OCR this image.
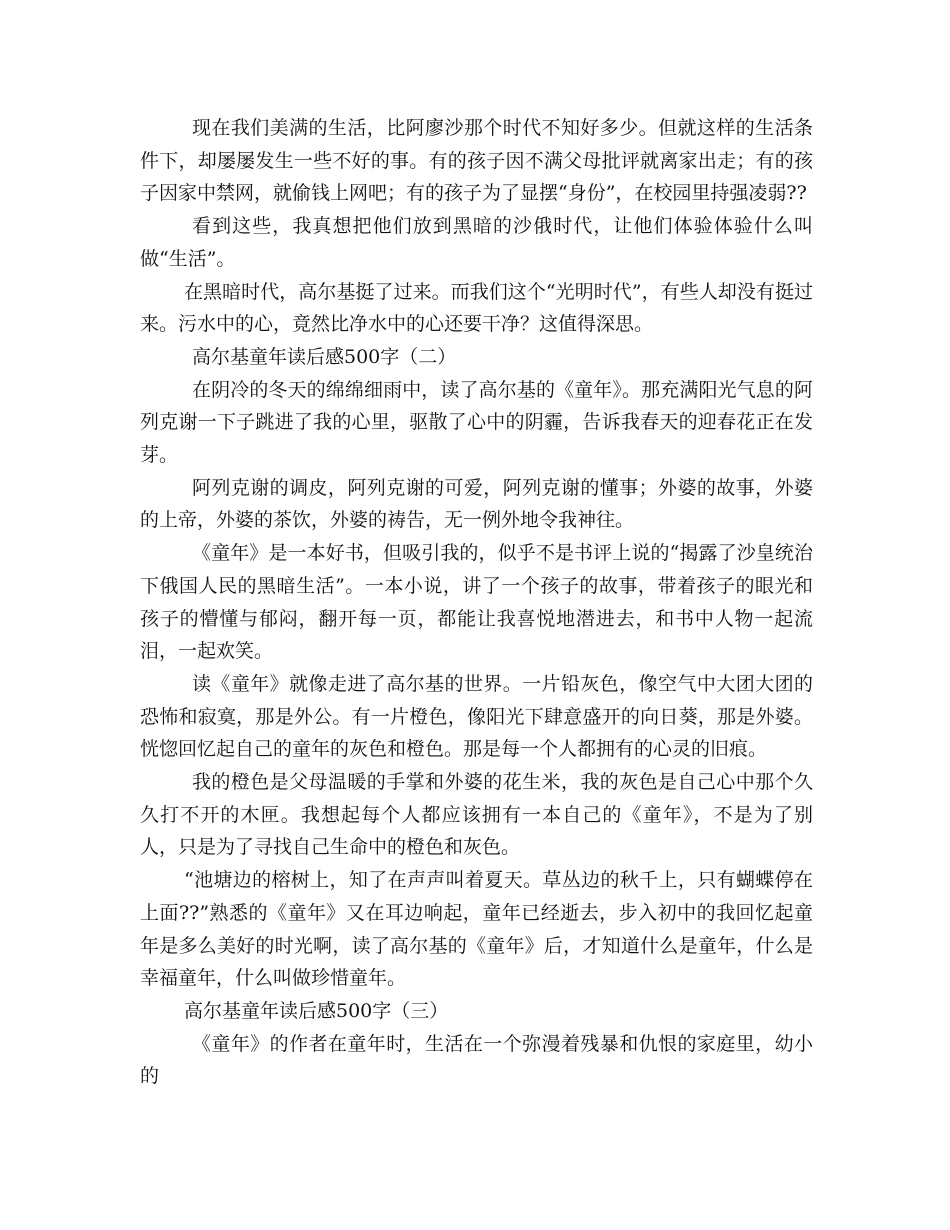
现在我们美满的生活，比阿廖沙那个时代不知好多少。但就这样的生活条件下，却屡屡发生一些不好的事。有的孩子因不满父母批评就离家出走；有的孩子因家中禁网，就偷钱上网吧；有的孩子为了显摆“身份”，在校园里持强凌弱??

看到这些，我真想把他们放到黑暗的沙俄时代，让他们体验体验什么叫做“生活”。

在黑暗时代，高尔基挺了过来。而我们这个“光明时代”，有些人却没有挺过来。污水中的心，竟然比净水中的心还要干净？这值得深思。

高尔基童年读后感500字（二）

在阴冷的冬天的绵绵细雨中，读了高尔基的《童年》。那充满阳光气息的阿列克谢一下子跳进了我的心里，驱散了心中的阴霾，告诉我春天的迎春花正在发芽。

阿列克谢的调皮，阿列克谢的可爱，阿列克谢的懂事；外婆的故事，外婆的上帝，外婆的茶饮，外婆的祷告，无一例外地令我神往。

《童年》是一本好书，但吸引我的，似乎不是书评上说的“揭露了沙皇统治下俄国人民的黑暗生活”。一本小说，讲了一个孩子的故事，带着孩子的眼光和孩子的懵懂与郁闷，翻开每一页，都能让我喜悦地潜进去，和书中人物一起流泪，一起欢笑。

读《童年》就像走进了高尔基的世界。一片铅灰色，像空气中大团大团的恐怖和寂寞，那是外公。有一片橙色，像阳光下肆意盛开的向日葵，那是外婆。恍惚回忆起自己的童年的灰色和橙色。那是每一个人都拥有的心灵的旧痕。

我的橙色是父母温暖的手掌和外婆的花生米，我的灰色是自己心中那个久久打不开的木匣。我想起每个人都应该拥有一本自己的《童年》，不是为了别人，只是为了寻找自己生命中的橙色和灰色。

“池塘边的榕树上，知了在声声叫着夏天。草丛边的秋千上，只有蝴蝶停在上面??”熟悉的《童年》又在耳边响起，童年已经逝去，步入初中的我回忆起童年是多么美好的时光啊，读了高尔基的《童年》后，才知道什么是童年，什么是幸福童年，什么叫做珍惜童年。

高尔基童年读后感500字（三）

《童年》的作者在童年时，生活在一个弥漫着残暴和仇恨的家庭里，幼小的
